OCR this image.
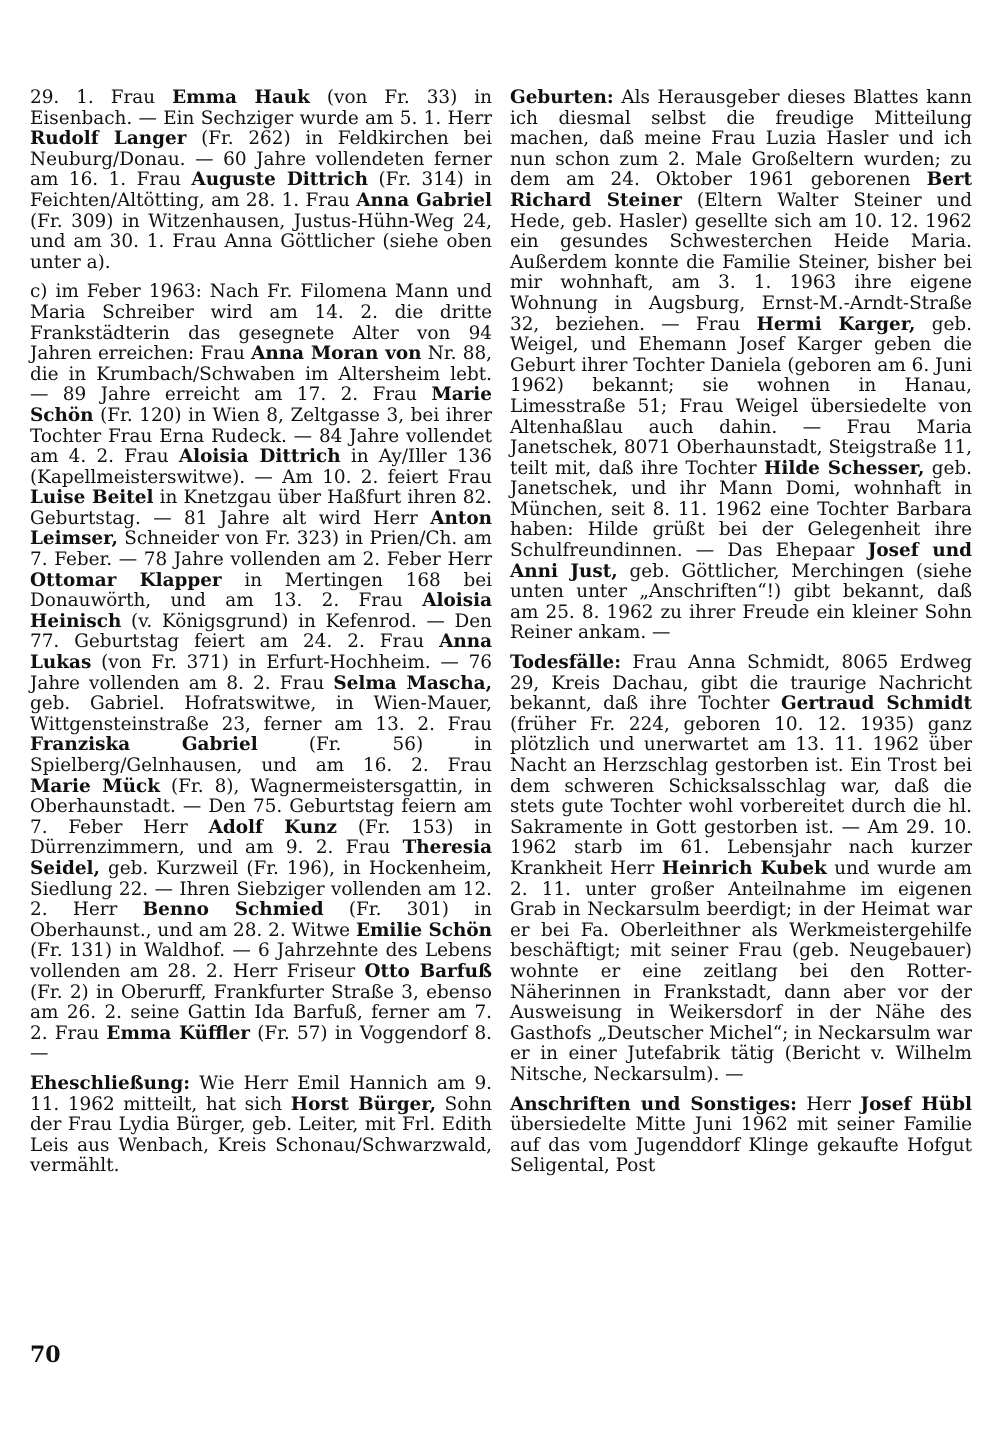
29. 1. Frau Emma Hauk (von Fr. 33) in Eisenbach. — Ein Sechziger wurde am 5. 1. Herr Rudolf Langer (Fr. 262) in Feldkirchen bei Neuburg/Donau. — 60 Jahre vollendeten ferner am 16. 1. Frau Auguste Dittrich (Fr. 314) in Feichten/Altötting, am 28. 1. Frau Anna Gabriel (Fr. 309) in Witzenhausen, Justus-Hühn-Weg 24, und am 30. 1. Frau Anna Göttlicher (siehe oben unter a).

c) im Feber 1963: Nach Fr. Filomena Mann und Maria Schreiber wird am 14. 2. die dritte Frankstädterin das gesegnete Alter von 94 Jahren erreichen: Frau Anna Moran von Nr. 88, die in Krumbach/Schwaben im Altersheim lebt. — 89 Jahre erreicht am 17. 2. Frau Marie Schön (Fr. 120) in Wien 8, Zeltgasse 3, bei ihrer Tochter Frau Erna Rudeck. — 84 Jahre vollendet am 4. 2. Frau Aloisia Dittrich in Ay/Iller 136 (Kapellmeisterswitwe). — Am 10. 2. feiert Frau Luise Beitel in Knetzgau über Haßfurt ihren 82. Geburtstag. — 81 Jahre alt wird Herr Anton Leimser, Schneider von Fr. 323) in Prien/Ch. am 7. Feber. — 78 Jahre vollenden am 2. Feber Herr Ottomar Klapper in Mertingen 168 bei Donauwörth, und am 13. 2. Frau Aloisia Heinisch (v. Königsgrund) in Kefenrod. — Den 77. Geburtstag feiert am 24. 2. Frau Anna Lukas (von Fr. 371) in Erfurt-Hochheim. — 76 Jahre vollenden am 8. 2. Frau Selma Mascha, geb. Gabriel. Hofratswitwe, in Wien-Mauer, Wittgensteinstraße 23, ferner am 13. 2. Frau Franziska Gabriel (Fr. 56) in Spielberg/Gelnhausen, und am 16. 2. Frau Marie Mück (Fr. 8), Wagnermeistersgattin, in Oberhaunstadt. — Den 75. Geburtstag feiern am 7. Feber Herr Adolf Kunz (Fr. 153) in Dürrenzimmern, und am 9. 2. Frau Theresia Seidel, geb. Kurzweil (Fr. 196), in Hockenheim, Siedlung 22. — Ihren Siebziger vollenden am 12. 2. Herr Benno Schmied (Fr. 301) in Oberhaunst., und am 28. 2. Witwe Emilie Schön (Fr. 131) in Waldhof. — 6 Jahrzehnte des Lebens vollenden am 28. 2. Herr Friseur Otto Barfuß (Fr. 2) in Oberurff, Frankfurter Straße 3, ebenso am 26. 2. seine Gattin Ida Barfuß, ferner am 7. 2. Frau Emma Küffler (Fr. 57) in Voggendorf 8. —

Eheschließung: Wie Herr Emil Hannich am 9. 11. 1962 mitteilt, hat sich Horst Bürger, Sohn der Frau Lydia Bürger, geb. Leiter, mit Frl. Edith Leis aus Wenbach, Kreis Schonau/Schwarzwald, vermählt.

Geburten: Als Herausgeber dieses Blattes kann ich diesmal selbst die freudige Mitteilung machen, daß meine Frau Luzia Hasler und ich nun schon zum 2. Male Großeltern wurden; zu dem am 24. Oktober 1961 geborenen Bert Richard Steiner (Eltern Walter Steiner und Hede, geb. Hasler) gesellte sich am 10. 12. 1962 ein gesundes Schwesterchen Heide Maria. Außerdem konnte die Familie Steiner, bisher bei mir wohnhaft, am 3. 1. 1963 ihre eigene Wohnung in Augsburg, Ernst-M.-Arndt-Straße 32, beziehen. — Frau Hermi Karger, geb. Weigel, und Ehemann Josef Karger geben die Geburt ihrer Tochter Daniela (geboren am 6. Juni 1962) bekannt; sie wohnen in Hanau, Limesstraße 51; Frau Weigel übersiedelte von Altenhaßlau auch dahin. — Frau Maria Janetschek, 8071 Oberhaunstadt, Steigstraße 11, teilt mit, daß ihre Tochter Hilde Schesser, geb. Janetschek, und ihr Mann Domi, wohnhaft in München, seit 8. 11. 1962 eine Tochter Barbara haben: Hilde grüßt bei der Gelegenheit ihre Schulfreundinnen. — Das Ehepaar Josef und Anni Just, geb. Göttlicher, Merchingen (siehe unten unter „Anschriften“!) gibt bekannt, daß am 25. 8. 1962 zu ihrer Freude ein kleiner Sohn Reiner ankam. —

Todesfälle: Frau Anna Schmidt, 8065 Erdweg 29, Kreis Dachau, gibt die traurige Nachricht bekannt, daß ihre Tochter Gertraud Schmidt (früher Fr. 224, geboren 10. 12. 1935) ganz plötzlich und unerwartet am 13. 11. 1962 über Nacht an Herzschlag gestorben ist. Ein Trost bei dem schweren Schicksalsschlag war, daß die stets gute Tochter wohl vorbereitet durch die hl. Sakramente in Gott gestorben ist. — Am 29. 10. 1962 starb im 61. Lebensjahr nach kurzer Krankheit Herr Heinrich Kubek und wurde am 2. 11. unter großer Anteilnahme im eigenen Grab in Neckarsulm beerdigt; in der Heimat war er bei Fa. Oberleithner als Werkmeistergehilfe beschäftigt; mit seiner Frau (geb. Neugebauer) wohnte er eine zeitlang bei den Rotter-Näherinnen in Frankstadt, dann aber vor der Ausweisung in Weikersdorf in der Nähe des Gasthofs „Deutscher Michel“; in Neckarsulm war er in einer Jutefabrik tätig (Bericht v. Wilhelm Nitsche, Neckarsulm). —

Anschriften und Sonstiges: Herr Josef Hübl übersiedelte Mitte Juni 1962 mit seiner Familie auf das vom Jugenddorf Klinge gekaufte Hofgut Seligental, Post

70
